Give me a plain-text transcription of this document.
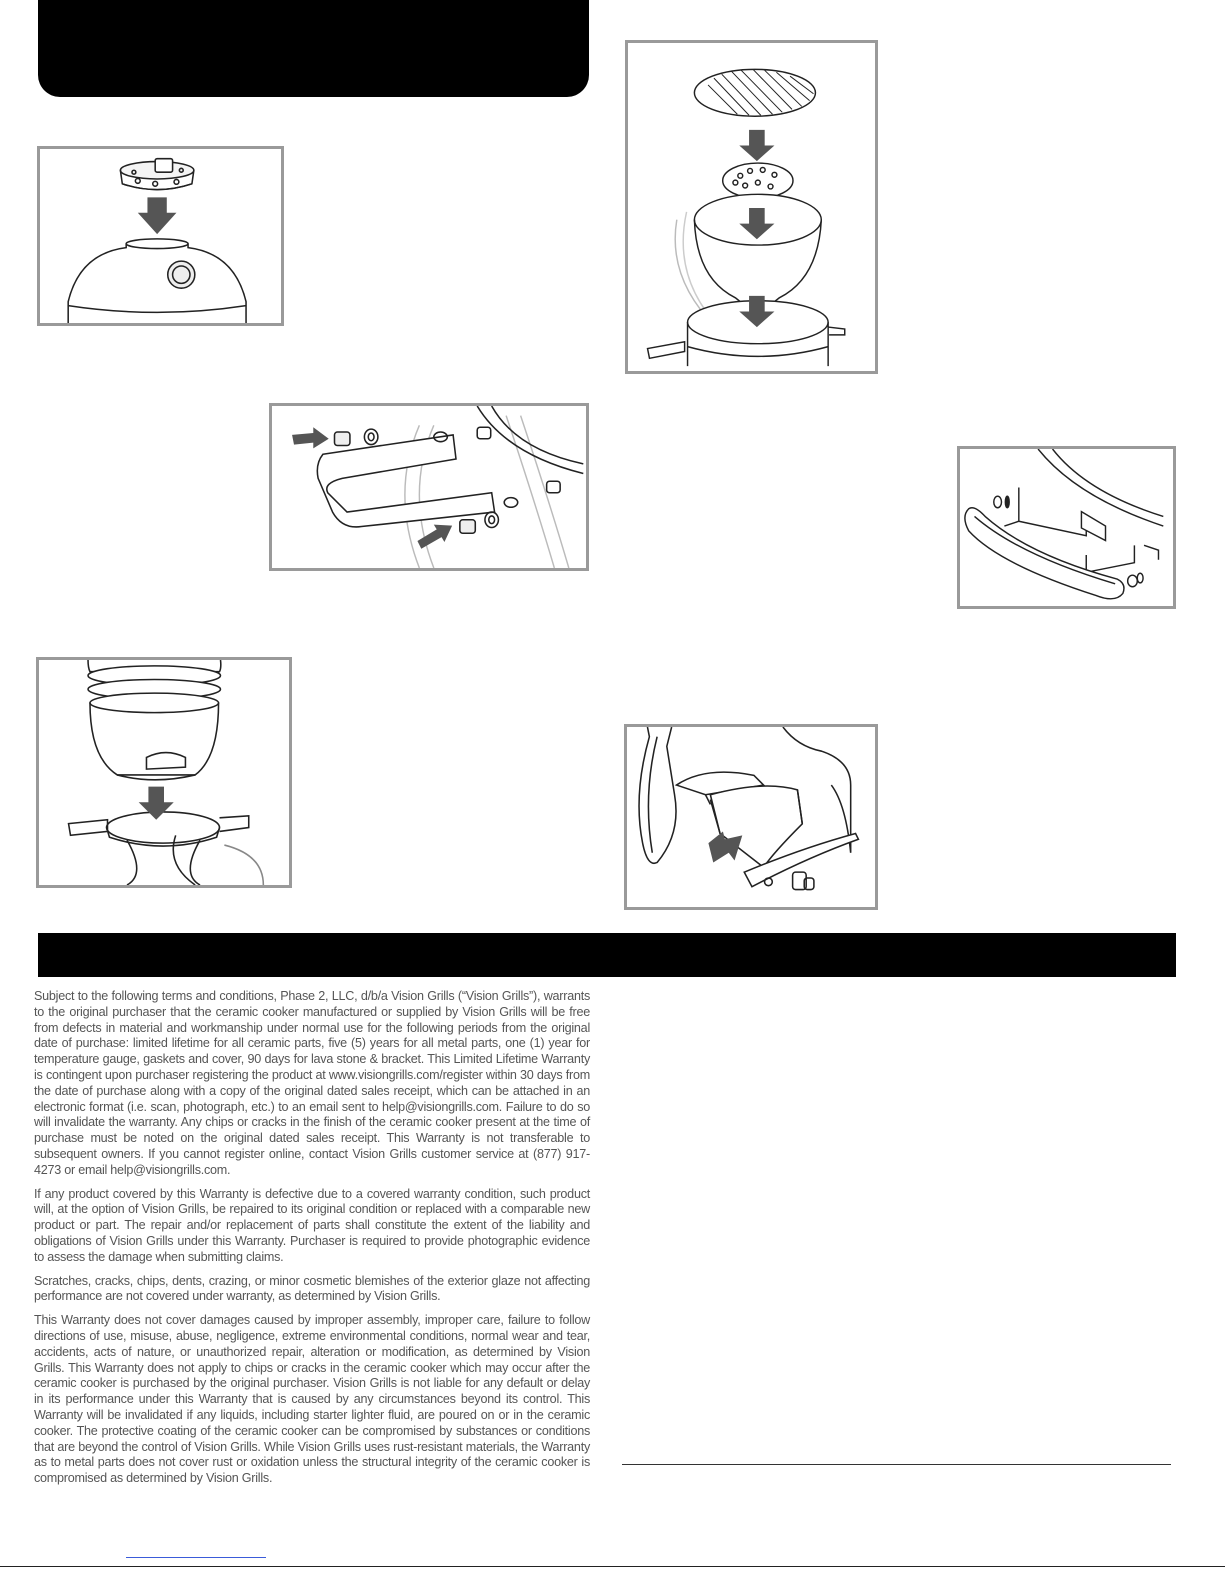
Subject to the following terms and conditions, Phase 2, LLC, d/b/a Vision Grills (“Vision Grills”), warrants to the original purchaser that the ceramic cooker manufactured or supplied by Vision Grills will be free from defects in material and workmanship under normal use for the following periods from the original date of purchase: limited lifetime for all ceramic parts, five (5) years for all metal parts, one (1) year for temperature gauge, gaskets and cover, 90 days for lava stone & bracket. This Limited Lifetime Warranty is contingent upon purchaser registering the product at www.visiongrills.com/register within 30 days from the date of purchase along with a copy of the original dated sales receipt, which can be attached in an electronic format (i.e. scan, photograph, etc.) to an email sent to help@visiongrills.com. Failure to do so will invalidate the warranty. Any chips or cracks in the finish of the ceramic cooker present at the time of purchase must be noted on the original dated sales receipt. This Warranty is not transferable to subsequent owners. If you cannot register online, contact Vision Grills customer service at (877) 917-4273 or email help@visiongrills.com.

If any product covered by this Warranty is defective due to a covered warranty condition, such product will, at the option of Vision Grills, be repaired to its original condition or replaced with a comparable new product or part. The repair and/or replacement of parts shall constitute the extent of the liability and obligations of Vision Grills under this Warranty. Purchaser is required to provide photographic evidence to assess the damage when submitting claims.

Scratches, cracks, chips, dents, crazing, or minor cosmetic blemishes of the exterior glaze not affecting performance are not covered under warranty, as determined by Vision Grills.

This Warranty does not cover damages caused by improper assembly, improper care, failure to follow directions of use, misuse, abuse, negligence, extreme environmental conditions, normal wear and tear, accidents, acts of nature, or unauthorized repair, alteration or modification, as determined by Vision Grills. This Warranty does not apply to chips or cracks in the ceramic cooker which may occur after the ceramic cooker is purchased by the original purchaser. Vision Grills is not liable for any default or delay in its performance under this Warranty that is caused by any circumstances beyond its control. This Warranty will be invalidated if any liquids, including starter lighter fluid, are poured on or in the ceramic cooker. The protective coating of the ceramic cooker can be compromised by substances or conditions that are beyond the control of Vision Grills. While Vision Grills uses rust-resistant materials, the Warranty as to metal parts does not cover rust or oxidation unless the structural integrity of the ceramic cooker is compromised as determined by Vision Grills.
